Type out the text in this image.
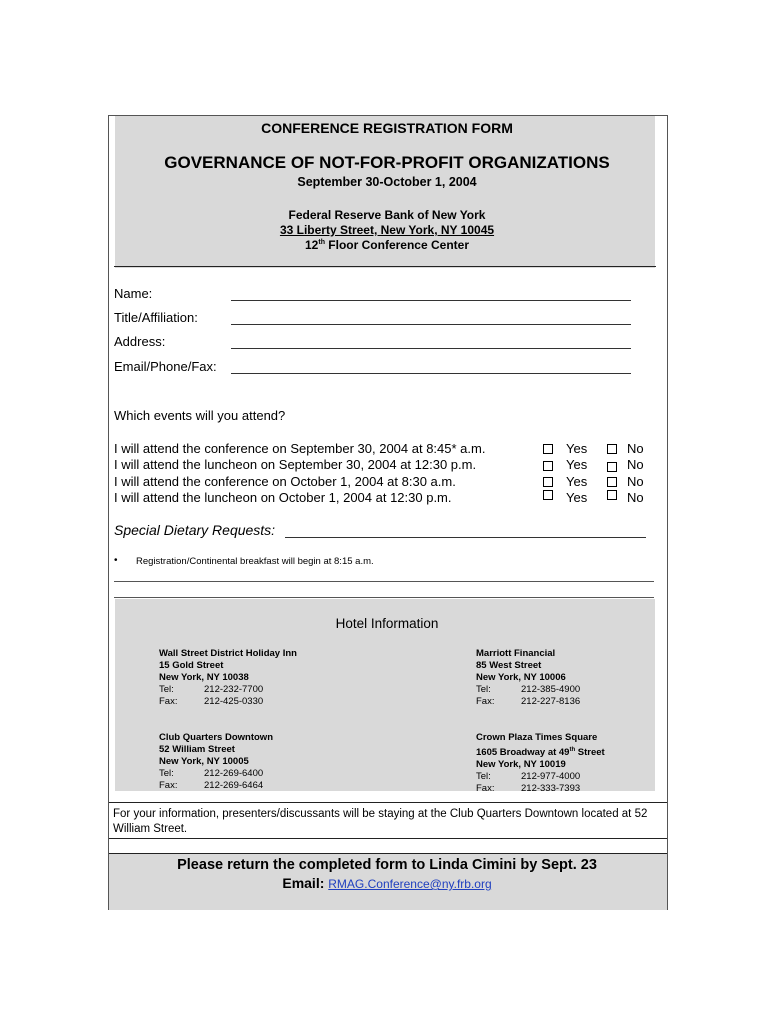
CONFERENCE REGISTRATION FORM
GOVERNANCE OF NOT-FOR-PROFIT ORGANIZATIONS
September 30-October 1, 2004
Federal Reserve Bank of New York
33 Liberty Street, New York, NY 10045
12th Floor Conference Center
Name:
Title/Affiliation:
Address:
Email/Phone/Fax:
Which events will you attend?
I will attend the conference on September 30, 2004 at 8:45* a.m.	Yes	No
I will attend the luncheon on September 30, 2004 at 12:30 p.m.	Yes	No
I will attend the conference on October 1, 2004 at 8:30 a.m.	Yes	No
I will attend the luncheon on October 1, 2004 at 12:30 p.m.	Yes	No
Special Dietary Requests:
• Registration/Continental breakfast will begin at 8:15 a.m.
Hotel Information
Wall Street District Holiday Inn
15 Gold Street
New York, NY 10038
Tel:	212-232-7700
Fax:	212-425-0330
Marriott Financial
85 West Street
New York, NY 10006
Tel:	212-385-4900
Fax:	212-227-8136
Club Quarters Downtown
52 William Street
New York, NY 10005
Tel:	212-269-6400
Fax:	212-269-6464
Crown Plaza Times Square
1605 Broadway at 49th Street
New York, NY 10019
Tel:	212-977-4000
Fax:	212-333-7393
For your information, presenters/discussants will be staying at the Club Quarters Downtown located at 52 William Street.
Please return the completed form to Linda Cimini by Sept. 23
Email: RMAG.Conference@ny.frb.org
